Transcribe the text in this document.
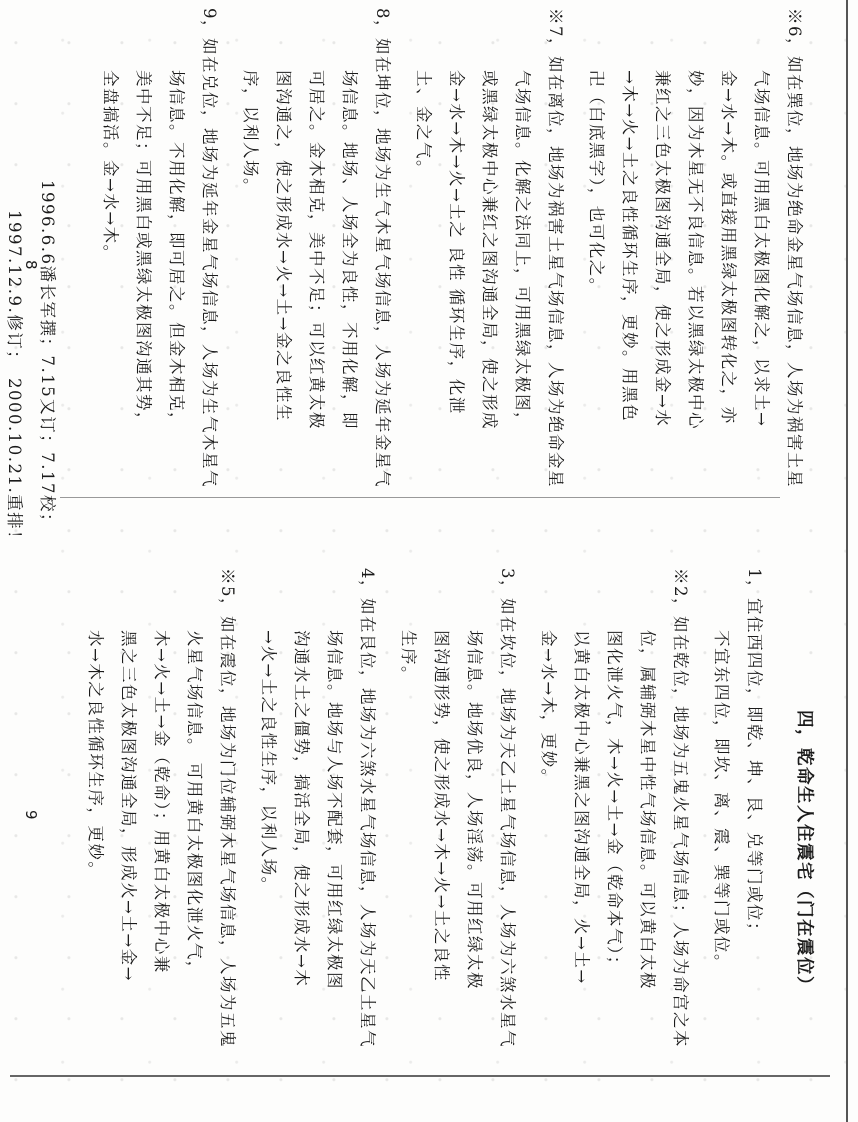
※6，如在巽位，地场为绝命金星气场信息，人场为祸害土星
气场信息。可用黑白太极图化解之，以求土→
金→水→木。或直接用黑绿太极图转化之，亦
妙，因为木星无不良信息。若以黑绿太极中心
兼红之三色太极图沟通全局，使之形成金→水
→木→火→土之良性循环生序，更妙。用黑色
卍（白底黑字），也可化之。
※7，如在离位，地场为祸害土星气场信息，人场为绝命金星
气场信息。化解之法同上，可用黑绿太极图，
或黑绿太极中心兼红之图沟通全局，使之形成
金→水→木→火→土之 良性 循环生序，化泄
土、金之气。
8，如在坤位，地场为生气木星气场信息，人场为延年金星气
场信息。地场、人场全为良性，不用化解，即
可居之。金木相克，美中不足；可以红黄太极
图沟通之，使之形成水→火→土→金之良性生
序，以利人场。
9，如在兑位，地场为延年金星气场信息，人场为生气木星气
场信息。不用化解，即可居之。但金木相克，
美中不足；可用黑白或黑绿太极图沟通其势，
全盘搞活。金→水→木。
1996.6.6潘长军撰；7.15又订；7.17校；
1997.12.9.修订；　2000.10.21.重排！
8
四，乾命生人住震宅（门在震位）
1，宜住西四位，即乾、坤、艮、兑等门或位；
不宜东四位，即坎、离、震、巽等门或位。
※2，如在乾位，地场为五鬼火星气场信息；人场为命宫之本
位，属辅弼木星中性气场信息。可以黄白太极
图化泄火气，木→火→土→金（乾命本气）；
以黄白太极中心兼黑之图沟通全局，火→土→
金→水→木，更妙。
3，如在坎位，地场为天乙土星气场信息，人场为六煞水星气
场信息。地场优良，人场淫荡。可用红绿太极
图沟通形势，使之形成水→木→火→土之良性
生序。
4，如在艮位，地场为六煞水星气场信息，人场为天乙土星气
场信息。地场与人场不配套，可用红绿太极图
沟通水土之僵势，搞活全局，使之形成水→木
→火→土之良性生序，以利人场。
※5，如在震位，地场为门位辅弼木星气场信息，人场为五鬼
火星气场信息。 可用黄白太极图化泄火气，
木→火→土→金（乾命）；用黄白太极中心兼
黑之三色太极图沟通全局，形成火→土→金→
水→木之良性循环生序，更妙。
9
